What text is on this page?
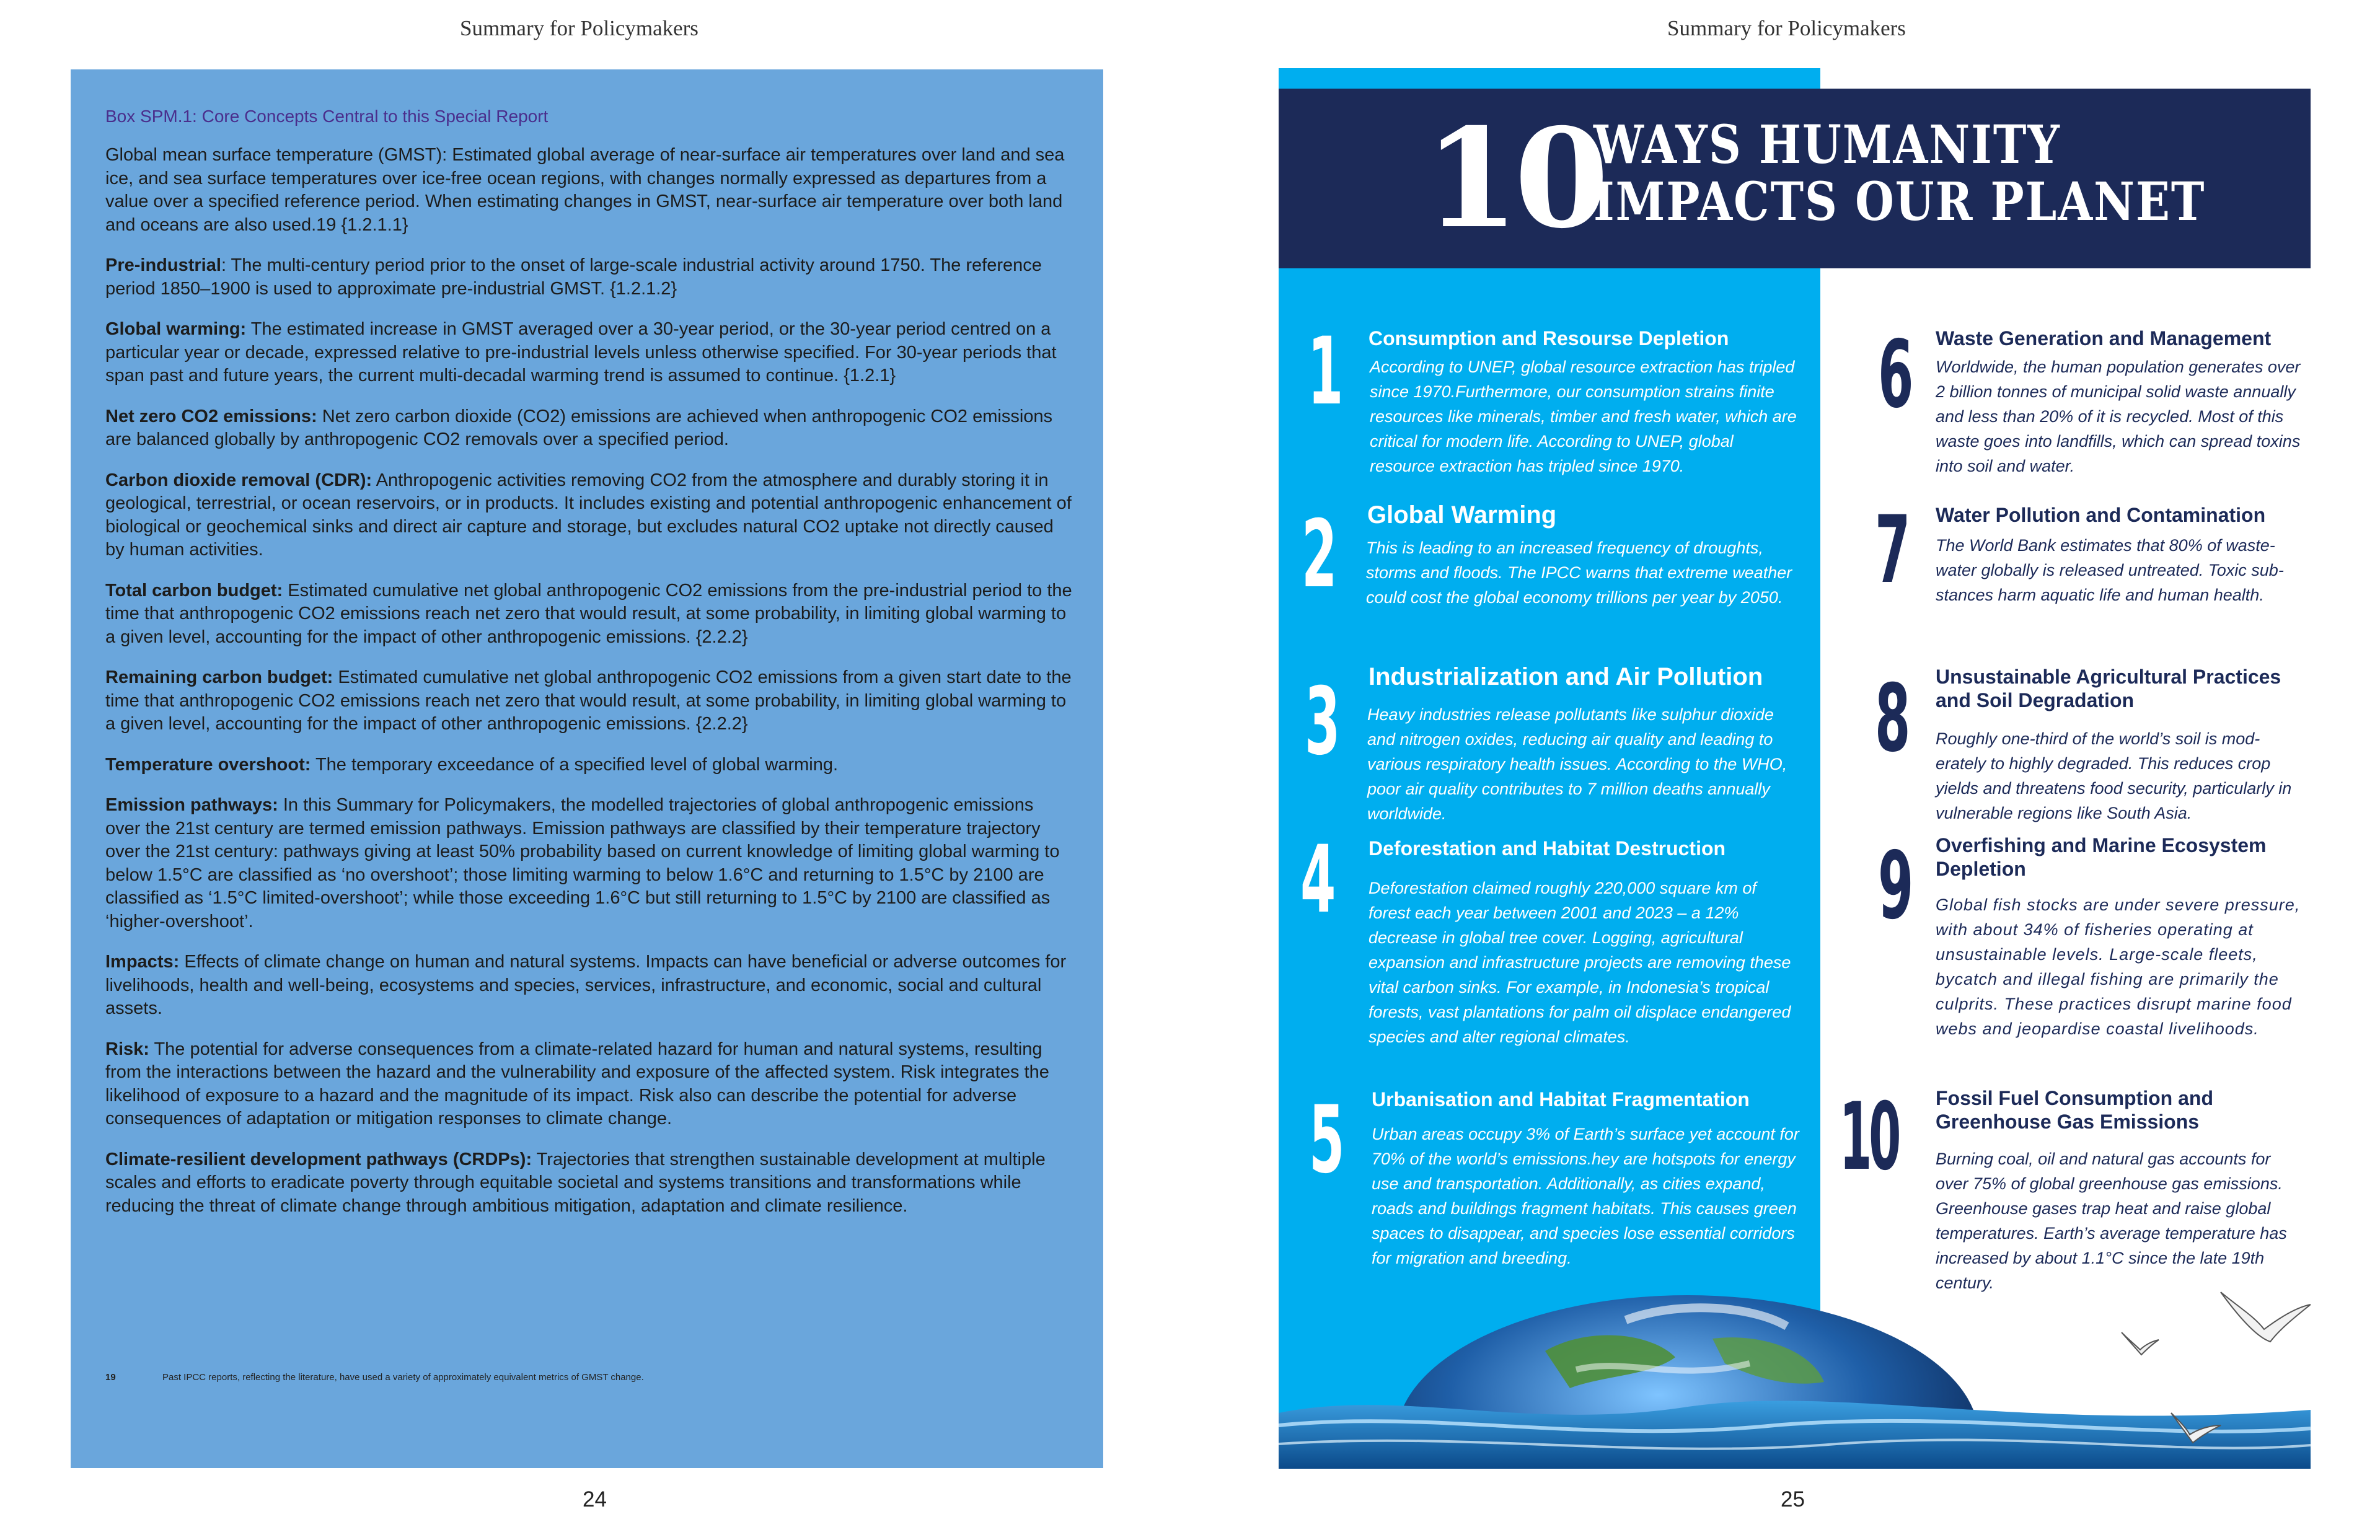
Summary for Policymakers
Box SPM.1: Core Concepts Central to this Special Report

Global mean surface temperature (GMST): Estimated global average of near-surface air temperatures over land and sea ice, and sea surface temperatures over ice-free ocean regions, with changes normally expressed as departures from a value over a specified reference period. When estimating changes in GMST, near-surface air temperature over both land and oceans are also used.19 {1.2.1.1}

Pre-industrial: The multi-century period prior to the onset of large-scale industrial activity around 1750. The reference period 1850–1900 is used to approximate pre-industrial GMST. {1.2.1.2}

Global warming: The estimated increase in GMST averaged over a 30-year period, or the 30-year period centred on a particular year or decade, expressed relative to pre-industrial levels unless otherwise specified. For 30-year periods that span past and future years, the current multi-decadal warming trend is assumed to continue. {1.2.1}

Net zero CO2 emissions: Net zero carbon dioxide (CO2) emissions are achieved when anthropogenic CO2 emissions are balanced globally by anthropogenic CO2 removals over a specified period.

Carbon dioxide removal (CDR): Anthropogenic activities removing CO2 from the atmosphere and durably storing it in geological, terrestrial, or ocean reservoirs, or in products. It includes existing and potential anthropogenic enhancement of biological or geochemical sinks and direct air capture and storage, but excludes natural CO2 uptake not directly caused by human activities.

Total carbon budget: Estimated cumulative net global anthropogenic CO2 emissions from the pre-industrial period to the time that anthropogenic CO2 emissions reach net zero that would result, at some probability, in limiting global warming to a given level, accounting for the impact of other anthropogenic emissions. {2.2.2}

Remaining carbon budget: Estimated cumulative net global anthropogenic CO2 emissions from a given start date to the time that anthropogenic CO2 emissions reach net zero that would result, at some probability, in limiting global warming to a given level, accounting for the impact of other anthropogenic emissions. {2.2.2}

Temperature overshoot: The temporary exceedance of a specified level of global warming.

Emission pathways: In this Summary for Policymakers, the modelled trajectories of global anthropogenic emissions over the 21st century are termed emission pathways. Emission pathways are classified by their temperature trajectory over the 21st century: pathways giving at least 50% probability based on current knowledge of limiting global warming to below 1.5°C are classified as ‘no overshoot’; those limiting warming to below 1.6°C and returning to 1.5°C by 2100 are classified as ‘1.5°C limited-overshoot’; while those exceeding 1.6°C but still returning to 1.5°C by 2100 are classified as ‘higher-overshoot’.

Impacts: Effects of climate change on human and natural systems. Impacts can have beneficial or adverse outcomes for livelihoods, health and well-being, ecosystems and species, services, infrastructure, and economic, social and cultural assets.

Risk: The potential for adverse consequences from a climate-related hazard for human and natural systems, resulting from the interactions between the hazard and the vulnerability and exposure of the affected system. Risk integrates the likelihood of exposure to a hazard and the magnitude of its impact. Risk also can describe the potential for adverse consequences of adaptation or mitigation responses to climate change.

Climate-resilient development pathways (CRDPs): Trajectories that strengthen sustainable development at multiple scales and efforts to eradicate poverty through equitable societal and systems transitions and transformations while reducing the threat of climate change through ambitious mitigation, adaptation and climate resilience.

19	Past IPCC reports, reflecting the literature, have used a variety of approximately equivalent metrics of GMST change.
24
Summary for Policymakers
10
WAYS HUMANITY
IMPACTS OUR PLANET
1 Consumption and Resourse Depletion
According to UNEP, global resource extraction has tripled since 1970.Furthermore, our consumption strains finite resources like minerals, timber and fresh water, which are critical for modern life. According to UNEP, global resource extraction has tripled since 1970.
2 Global Warming
This is leading to an increased frequency of droughts, storms and floods. The IPCC warns that extreme weather could cost the global economy trillions per year by 2050.
3 Industrialization and Air Pollution
Heavy industries release pollutants like sulphur dioxide and nitrogen oxides, reducing air quality and leading to various respiratory health issues. According to the WHO, poor air quality contributes to 7 million deaths annually worldwide.
4 Deforestation and Habitat Destruction
Deforestation claimed roughly 220,000 square km of forest each year between 2001 and 2023 – a 12% decrease in global tree cover. Logging, agricultural expansion and infrastructure projects are removing these vital carbon sinks. For example, in Indonesia’s tropical forests, vast plantations for palm oil displace endangered species and alter regional climates.
5 Urbanisation and Habitat Fragmentation
Urban areas occupy 3% of Earth’s surface yet account for 70% of the world’s emissions.hey are hotspots for energy use and transportation. Additionally, as cities expand, roads and buildings fragment habitats. This causes green spaces to disappear, and species lose essential corridors for migration and breeding.
6 Waste Generation and Management
Worldwide, the human population generates over 2 billion tonnes of municipal solid waste annually and less than 20% of it is recycled. Most of this waste goes into landfills, which can spread toxins into soil and water.
7 Water Pollution and Contamination
The World Bank estimates that 80% of waste-water globally is released untreated. Toxic sub-stances harm aquatic life and human health.
8 Unsustainable Agricultural Practices and Soil Degradation
Roughly one-third of the world’s soil is mod-erately to highly degraded. This reduces crop yields and threatens food security, particularly in vulnerable regions like South Asia.
9 Overfishing and Marine Ecosystem Depletion
Global fish stocks are under severe pressure, with about 34% of fisheries operating at unsustainable levels. Large-scale fleets, bycatch and illegal fishing are primarily the culprits. These practices disrupt marine food webs and jeopardise coastal livelihoods.
10 Fossil Fuel Consumption and Greenhouse Gas Emissions
Burning coal, oil and natural gas accounts for over 75% of global greenhouse gas emissions. Greenhouse gases trap heat and raise global temperatures. Earth’s average temperature has increased by about 1.1°C since the late 19th century.
25
